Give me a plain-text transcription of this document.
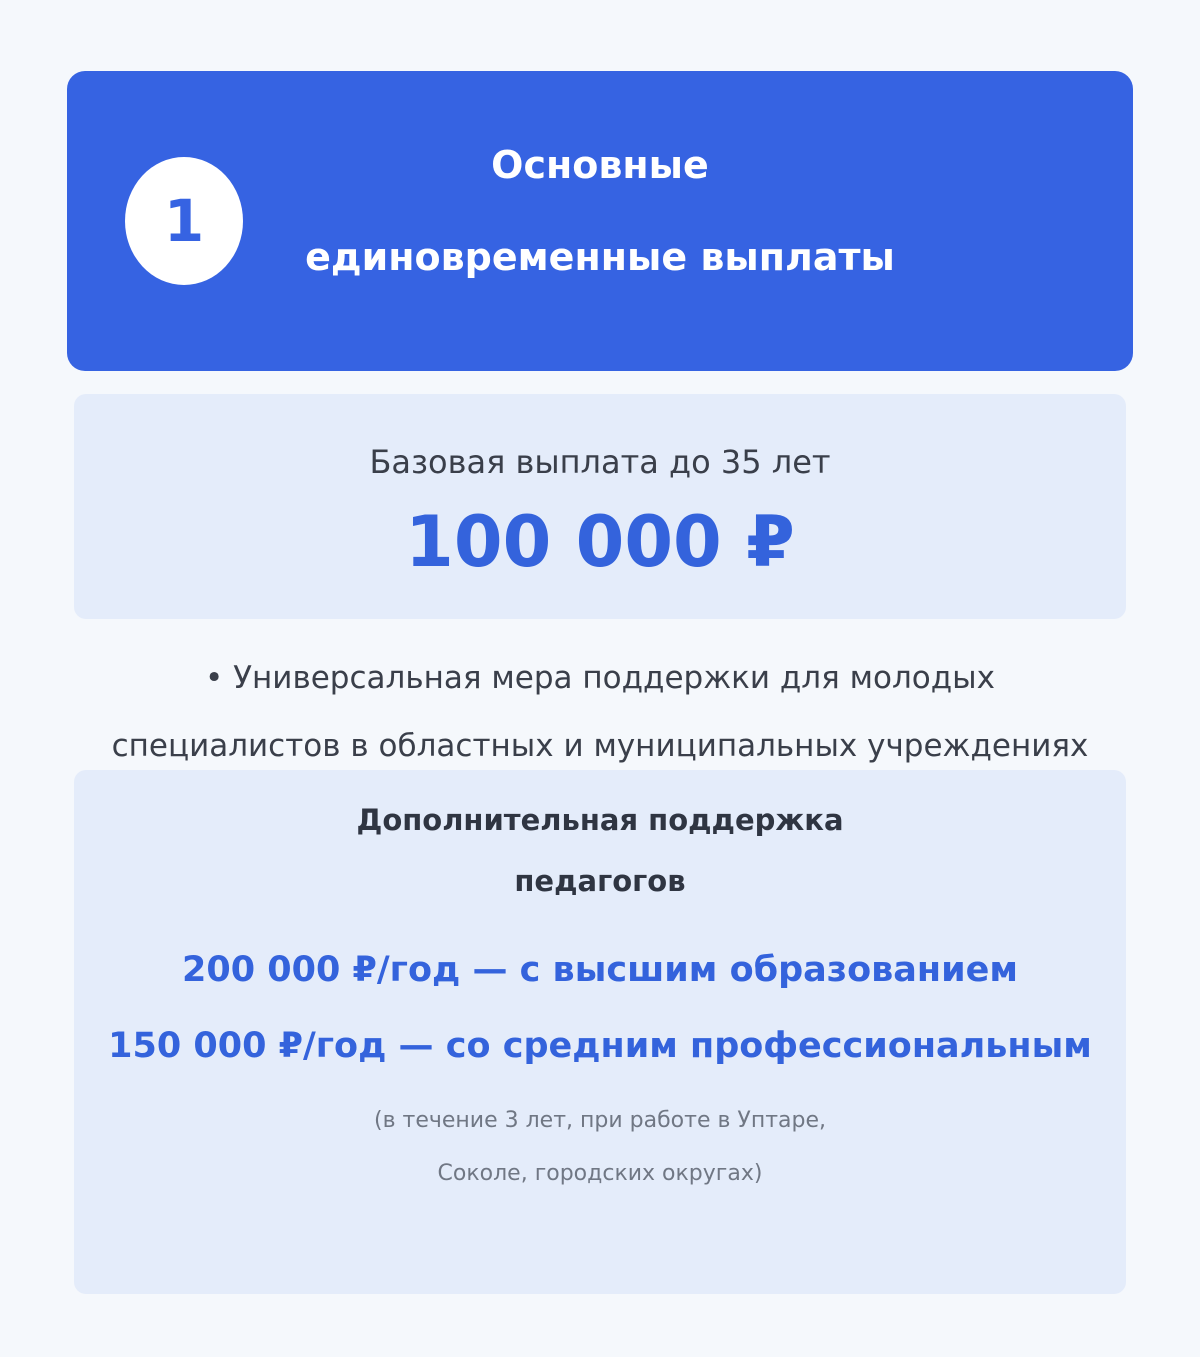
1
Основные
единовременные выплаты
Базовая выплата до 35 лет
100 000 ₽
• Универсальная мера поддержки для молодых
специалистов в областных и муниципальных учреждениях
Дополнительная поддержка
педагогов
200 000 ₽/год — с высшим образованием
150 000 ₽/год — со средним профессиональным
(в течение 3 лет, при работе в Уптаре,
Соколе, городских округах)
